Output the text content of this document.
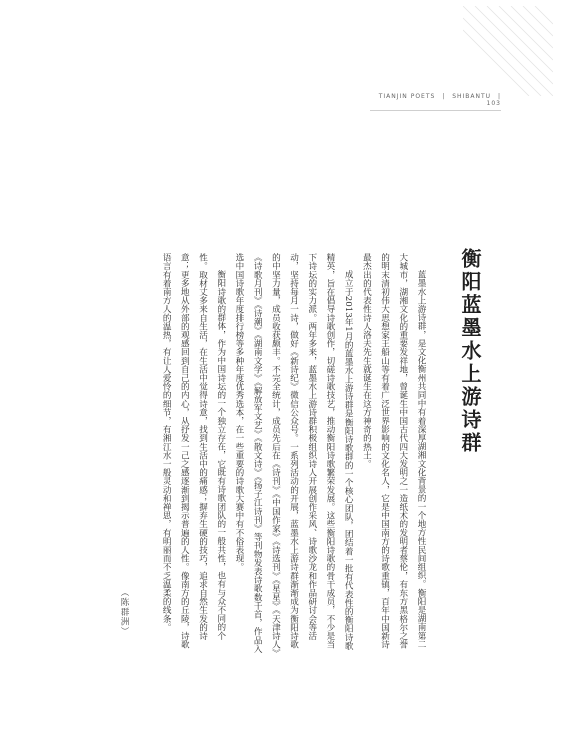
TIANJIN POETS | SHIBANTU | 103
衡阳蓝墨水上游诗群

蓝墨水上游诗群，是文化衡州共同中有着深厚湖湘文化背景的一个地方性民间组织。衡阳是湖南第二大城市，湖湘文化的重要发祥地，曾诞生中国古代四大发明之一造纸术的发明者蔡伦，有东方黑格尔之誉的明末清初伟大思想家王船山等有着广泛世界影响的文化名人，它是中国南方的诗歌重镇，百年中国新诗最杰出的代表性诗人洛夫先生就诞生在这方神奇的热土。

成立于2013年1月的蓝墨水上游诗群是衡阳诗歌群的一个核心团队，团结着一批有代表性的衡阳诗歌精英，旨在倡导诗歌创作，切磋诗歌技艺，推动衡阳诗歌繁荣发展。这些衡阳诗歌的骨干成员，不少是当下诗坛的实力派。两年多来，蓝墨水上游诗群积极组织诗人开展创作采风、诗歌沙龙和作品研讨会等活动，坚持每月一诗，做好《新诗纪》微信公众号。一系列活动的开展，蓝墨水上游诗群渐渐成为衡阳诗歌的中坚力量，成员收获颇丰。不完全统计，成员先后在《诗刊》《中国作家》《诗选刊》《星星》《天津诗人》《诗歌月刊》《诗潮》《湖南文学》《解放军文艺》《散文诗》《扬子江诗刊》等刊物发表诗歌数千首，作品入选中国诗歌年度排行榜等多种年度优秀选本，在一些重要的诗歌大赛中有不俗表现。

衡阳诗歌的群体，作为中国诗坛的一个独立存在，它既有诗歌团队的一般共性，也有与众不同的个性。取材丈多来自生活，在生活中觉得诗意，找到生活中的痛感；摒弃生硬的技巧，追求自然生发的诗意；更多地从外部的观感回到自己的内心，从抒发一己之感逐渐到揭示普遍的人性。像南方的丘陵，诗歌语言有着南方人的温热，有让人爱怜的细节，有湘江水一般灵动和禅思，有明丽而不乏温柔的线条。

（陈群洲）
